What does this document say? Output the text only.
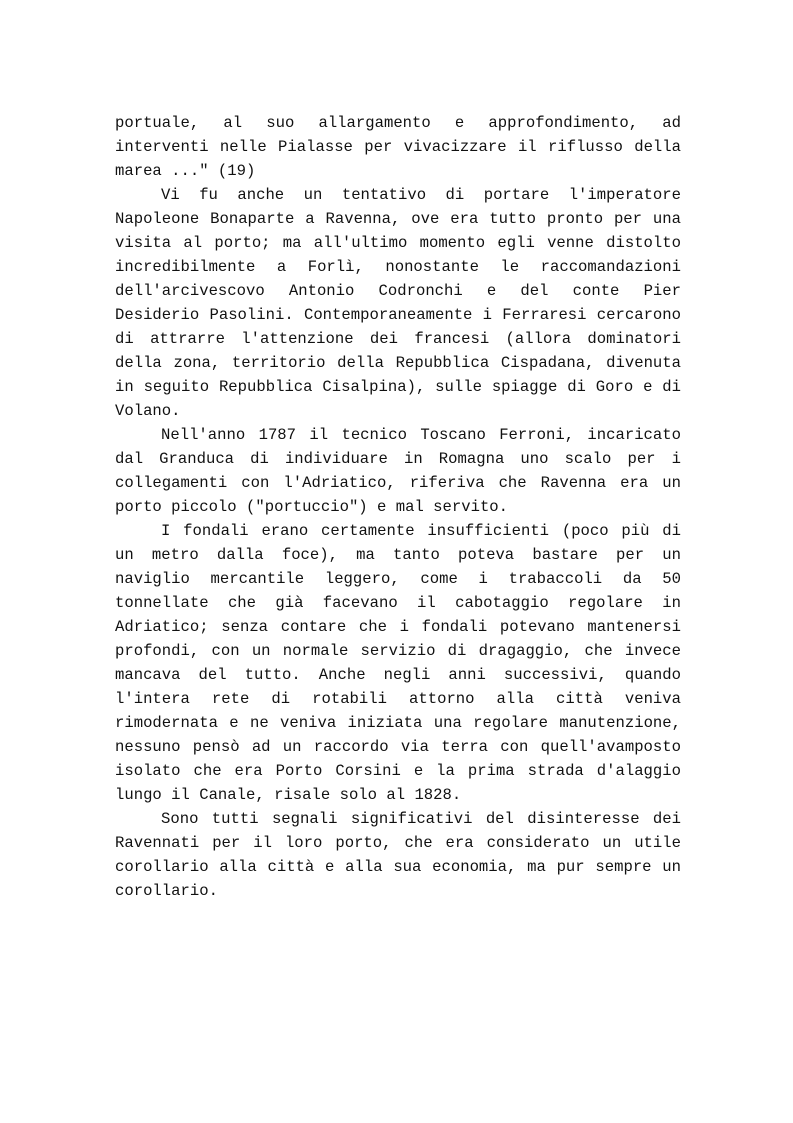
portuale, al suo allargamento e approfondimento, ad interventi nelle Pialasse per vivacizzare il riflusso della marea ..." (19)

Vi fu anche un tentativo di portare l'imperatore Napoleone Bonaparte a Ravenna, ove era tutto pronto per una visita al porto; ma all'ultimo momento egli venne distolto incredibilmente a Forlì, nonostante le raccomandazioni dell'arcivescovo Antonio Codronchi e del conte Pier Desiderio Pasolini. Contemporaneamente i Ferraresi cercarono di attrarre l'attenzione dei francesi (allora dominatori della zona, territorio della Repubblica Cispadana, divenuta in seguito Repubblica Cisalpina), sulle spiagge di Goro e di Volano.

Nell'anno 1787 il tecnico Toscano Ferroni, incaricato dal Granduca di individuare in Romagna uno scalo per i collegamenti con l'Adriatico, riferiva che Ravenna era un porto piccolo ("portuccio") e mal servito.

I fondali erano certamente insufficienti (poco più di un metro dalla foce), ma tanto poteva bastare per un naviglio mercantile leggero, come i trabaccoli da 50 tonnellate che già facevano il cabotaggio regolare in Adriatico; senza contare che i fondali potevano mantenersi profondi, con un normale servizio di dragaggio, che invece mancava del tutto. Anche negli anni successivi, quando l'intera rete di rotabili attorno alla città veniva rimodernata e ne veniva iniziata una regolare manutenzione, nessuno pensò ad un raccordo via terra con quell'avamposto isolato che era Porto Corsini e la prima strada d'alaggio lungo il Canale, risale solo al 1828.

Sono tutti segnali significativi del disinteresse dei Ravennati per il loro porto, che era considerato un utile corollario alla città e alla sua economia, ma pur sempre un corollario.
